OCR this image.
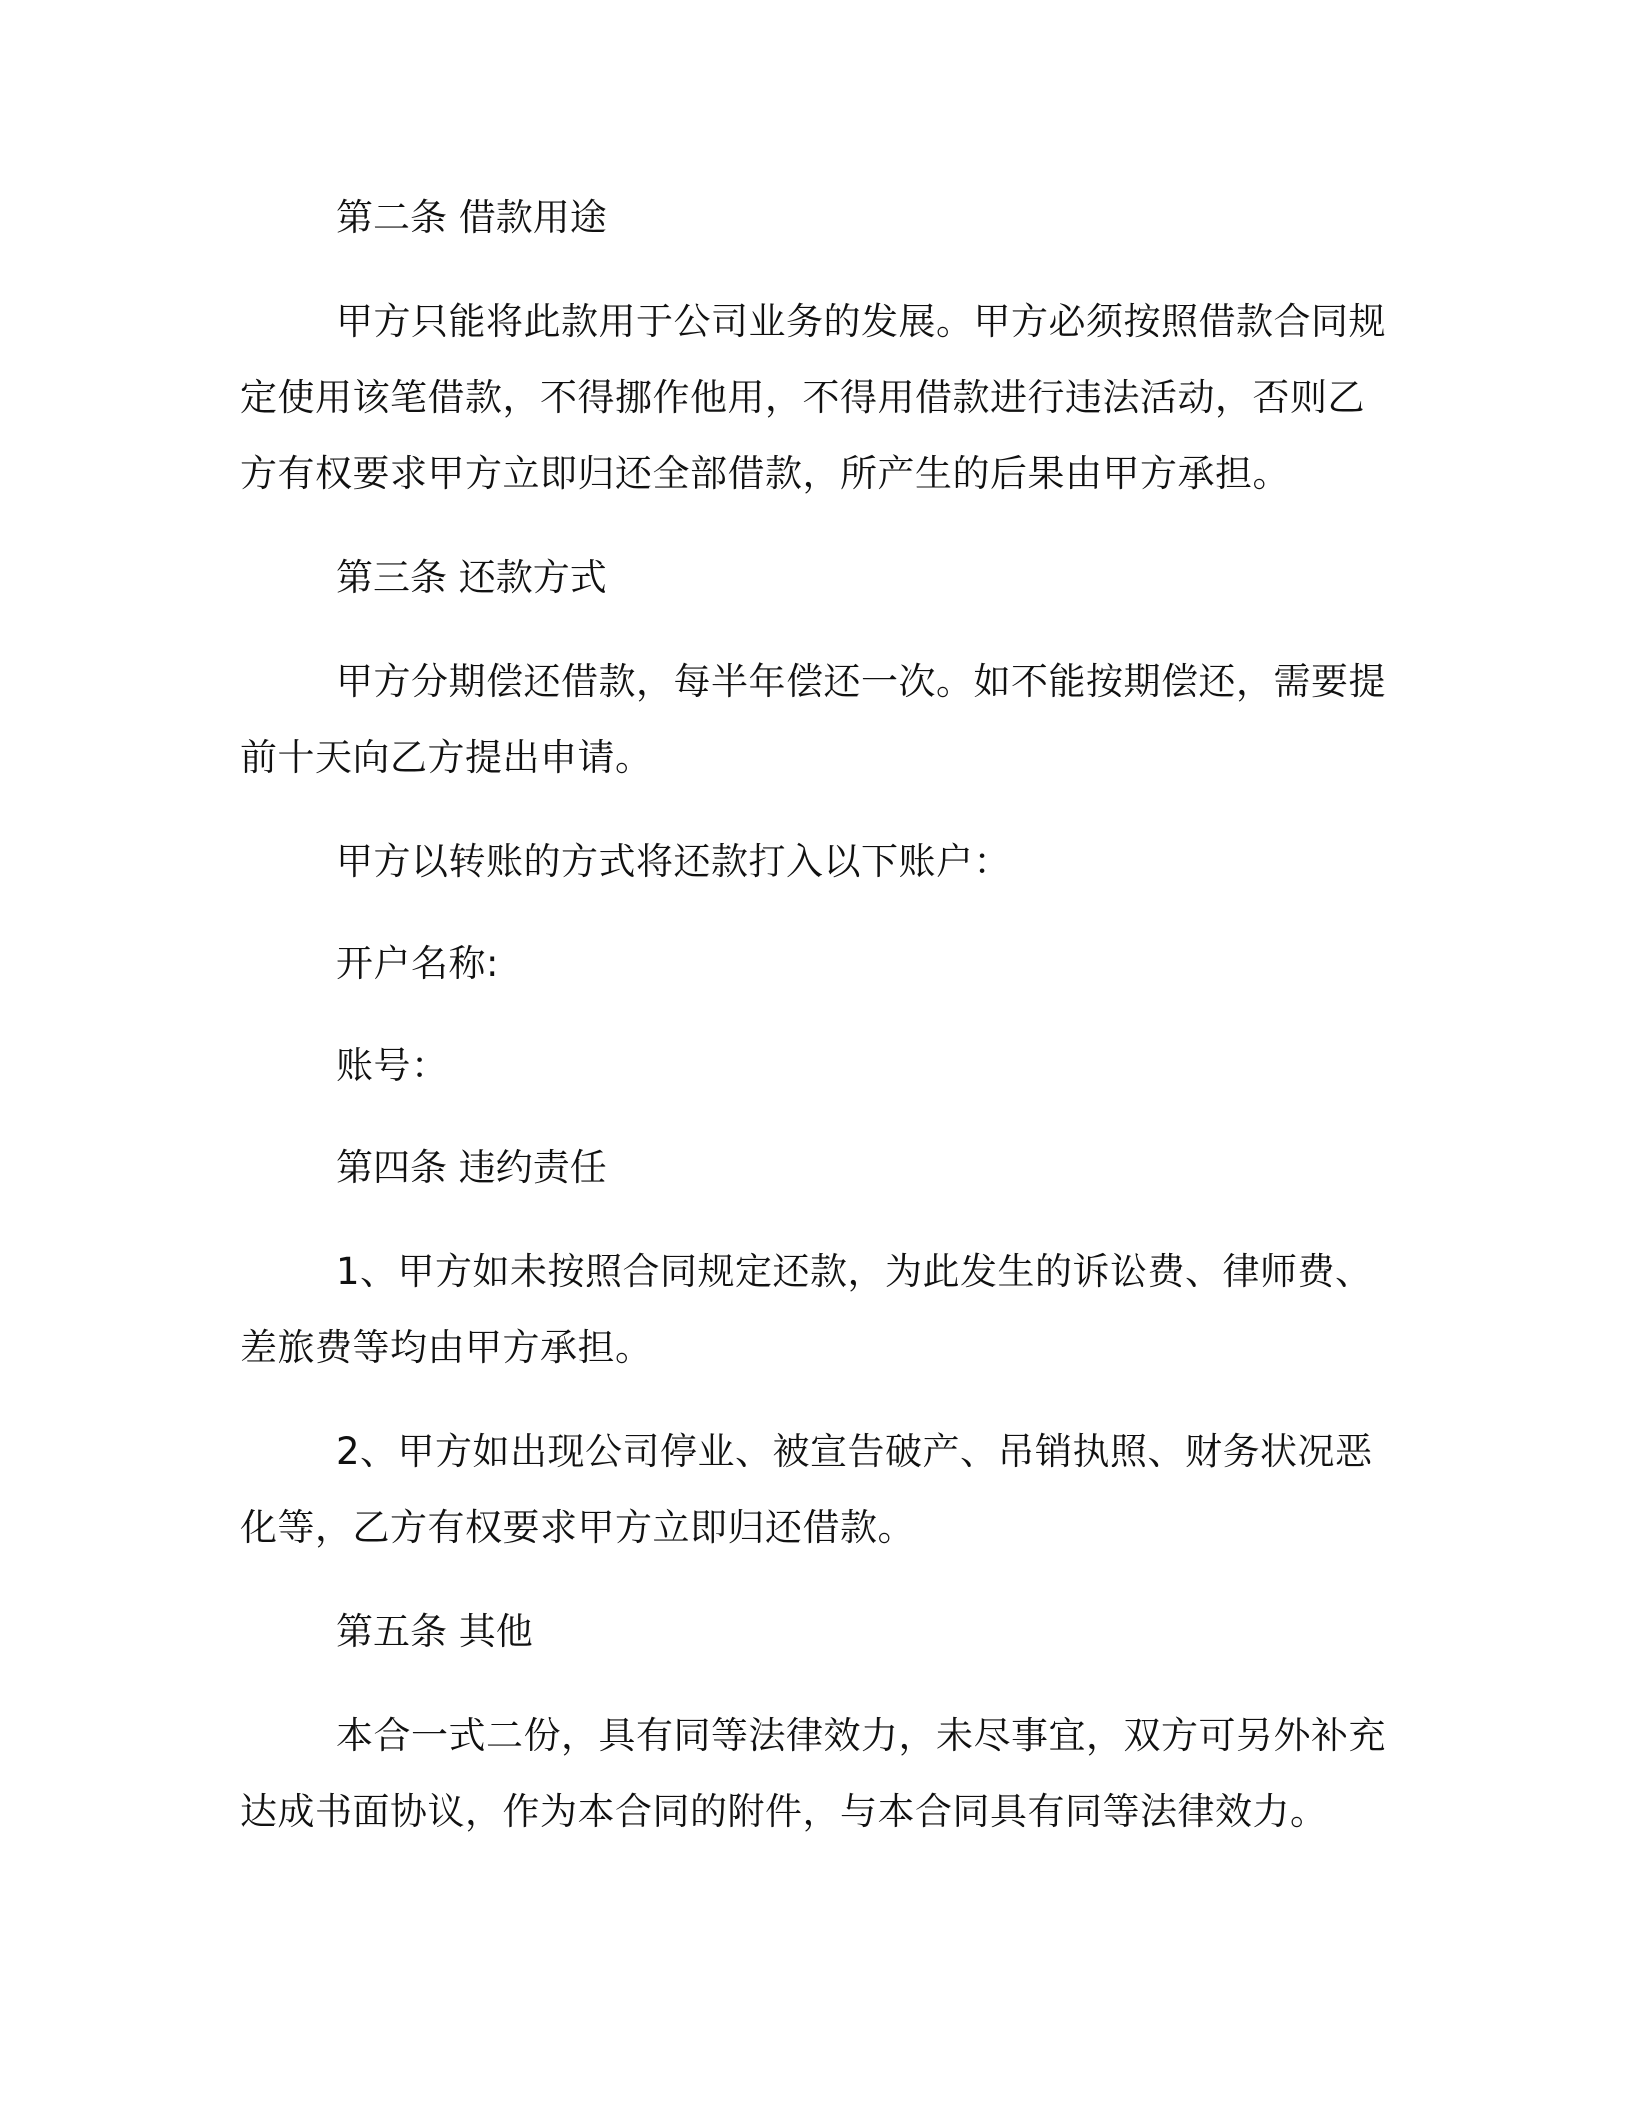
第二条 借款用途
甲方只能将此款用于公司业务的发展。甲方必须按照借款合同规
定使用该笔借款，不得挪作他用，不得用借款进行违法活动，否则乙
方有权要求甲方立即归还全部借款，所产生的后果由甲方承担。
第三条 还款方式
甲方分期偿还借款，每半年偿还一次。如不能按期偿还，需要提
前十天向乙方提出申请。
甲方以转账的方式将还款打入以下账户：
开户名称:
账号：
第四条 违约责任
1、甲方如未按照合同规定还款，为此发生的诉讼费、律师费、
差旅费等均由甲方承担。
2、甲方如出现公司停业、被宣告破产、吊销执照、财务状况恶
化等，乙方有权要求甲方立即归还借款。
第五条 其他
本合一式二份，具有同等法律效力，未尽事宜，双方可另外补充
达成书面协议，作为本合同的附件，与本合同具有同等法律效力。
